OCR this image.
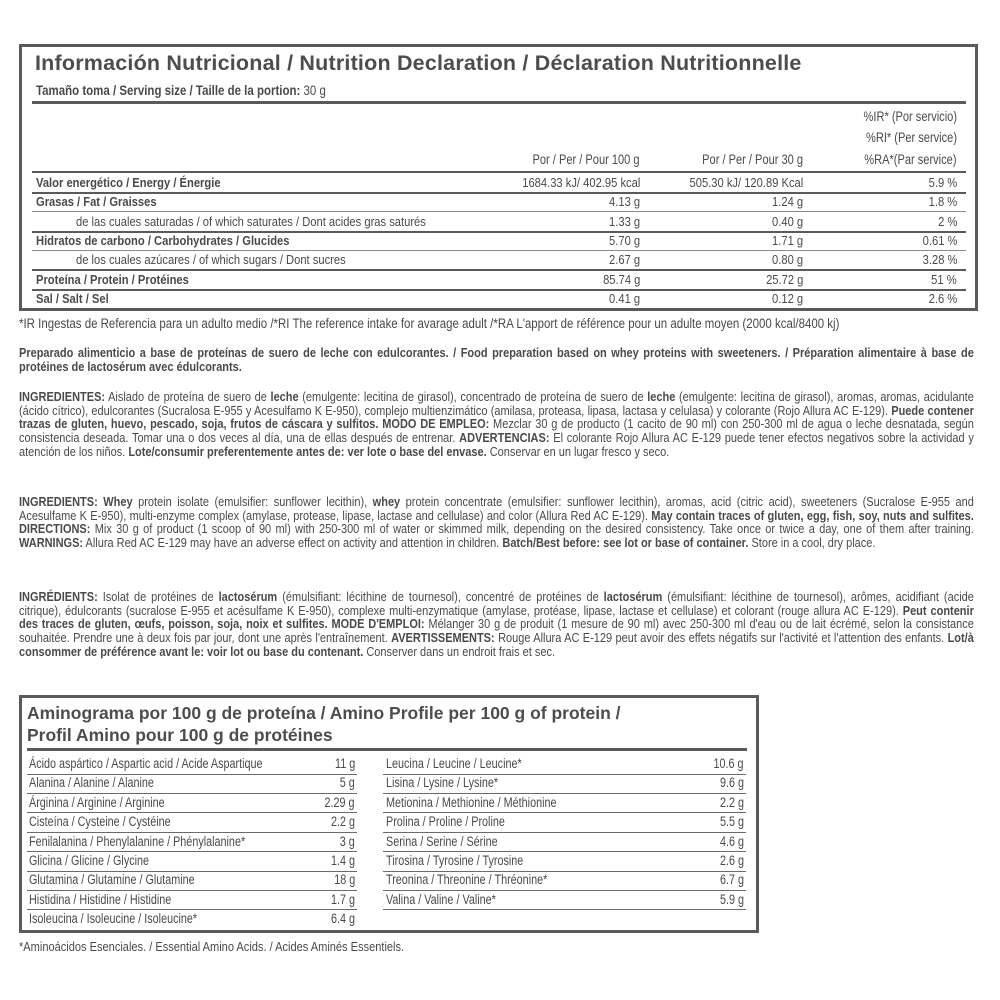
Información Nutricional / Nutrition Declaration / Déclaration Nutritionnelle
Tamaño toma / Serving size / Taille de la portion: 30 g
%IR* (Por servicio)
%RI* (Per service)
%RA*(Par service)
Por / Per / Pour 100 g	Por / Per / Pour 30 g
Valor energético / Energy / Énergie	1684.33 kJ/ 402.95 kcal	505.30 kJ/ 120.89 Kcal	5.9 %
Grasas / Fat / Graisses	4.13 g	1.24 g	1.8 %
de las cuales saturadas / of which saturates / Dont acides gras saturés	1.33 g	0.40 g	2 %
Hidratos de carbono / Carbohydrates / Glucides	5.70 g	1.71 g	0.61 %
de los cuales azúcares / of which sugars / Dont sucres	2.67 g	0.80 g	3.28 %
Proteína / Protein / Protéines	85.74 g	25.72 g	51 %
Sal / Salt / Sel	0.41 g	0.12 g	2.6 %
*IR Ingestas de Referencia para un adulto medio /*RI The reference intake for avarage adult /*RA L'apport de référence pour un adulte moyen (2000 kcal/8400 kj)
Preparado alimenticio a base de proteínas de suero de leche con edulcorantes. / Food preparation based on whey proteins with sweeteners. / Préparation alimentaire à base de protéines de lactosérum avec édulcorants.
INGREDIENTES: Aislado de proteína de suero de leche (emulgente: lecitina de girasol), concentrado de proteína de suero de leche (emulgente: lecitina de girasol), aromas, aromas, acidulante (ácido cítrico), edulcorantes (Sucralosa E-955 y Acesulfamo K E-950), complejo multienzimático (amilasa, proteasa, lipasa, lactasa y celulasa) y colorante (Rojo Allura AC E-129). Puede contener trazas de gluten, huevo, pescado, soja, frutos de cáscara y sulfitos. MODO DE EMPLEO: Mezclar 30 g de producto (1 cacito de 90 ml) con 250-300 ml de agua o leche desnatada, según consistencia deseada. Tomar una o dos veces al día, una de ellas después de entrenar. ADVERTENCIAS: El colorante Rojo Allura AC E-129 puede tener efectos negativos sobre la actividad y atención de los niños. Lote/consumir preferentemente antes de: ver lote o base del envase. Conservar en un lugar fresco y seco.
INGREDIENTS: Whey protein isolate (emulsifier: sunflower lecithin), whey protein concentrate (emulsifier: sunflower lecithin), aromas, acid (citric acid), sweeteners (Sucralose E-955 and Acesulfame K E-950), multi-enzyme complex (amylase, protease, lipase, lactase and cellulase) and color (Allura Red AC E-129). May contain traces of gluten, egg, fish, soy, nuts and sulfites. DIRECTIONS: Mix 30 g of product (1 scoop of 90 ml) with 250-300 ml of water or skimmed milk, depending on the desired consistency. Take once or twice a day, one of them after training. WARNINGS: Allura Red AC E-129 may have an adverse effect on activity and attention in children. Batch/Best before: see lot or base of container. Store in a cool, dry place.
INGRÉDIENTS: Isolat de protéines de lactosérum (émulsifiant: lécithine de tournesol), concentré de protéines de lactosérum (émulsifiant: lécithine de tournesol), arômes, acidifiant (acide citrique), édulcorants (sucralose E-955 et acésulfame K E-950), complexe multi-enzymatique (amylase, protéase, lipase, lactase et cellulase) et colorant (rouge allura AC E-129). Peut contenir des traces de gluten, œufs, poisson, soja, noix et sulfites. MODE D'EMPLOI: Mélanger 30 g de produit (1 mesure de 90 ml) avec 250-300 ml d'eau ou de lait écrémé, selon la consistance souhaitée. Prendre une à deux fois par jour, dont une après l'entraînement. AVERTISSEMENTS: Rouge Allura AC E-129 peut avoir des effets négatifs sur l'activité et l'attention des enfants. Lot/à consommer de préférence avant le: voir lot ou base du contenant. Conserver dans un endroit frais et sec.
Aminograma por 100 g de proteína / Amino Profile per 100 g of protein /
Profil Amino pour 100 g de protéines
Ácido aspártico / Aspartic acid / Acide Aspartique	11 g
Alanina / Alanine / Alanine	5 g
Árginina / Arginine / Arginine	2.29 g
Cisteína / Cysteine / Cystéine	2.2 g
Fenilalanina / Phenylalanine / Phénylalanine*	3 g
Glicina / Glicine / Glycine	1.4 g
Glutamina / Glutamine / Glutamine	18 g
Histidina / Histidine / Histidine	1.7 g
Isoleucina / Isoleucine / Isoleucine*	6.4 g
Leucina / Leucine / Leucine*	10.6 g
Lisina / Lysine / Lysine*	9.6 g
Metionina / Methionine / Méthionine	2.2 g
Prolina / Proline / Proline	5.5 g
Serina / Serine / Sérine	4.6 g
Tirosina / Tyrosine / Tyrosine	2.6 g
Treonina / Threonine / Thréonine*	6.7 g
Valina / Valine / Valine*	5.9 g
*Aminoácidos Esenciales. / Essential Amino Acids. / Acides Aminés Essentiels.
